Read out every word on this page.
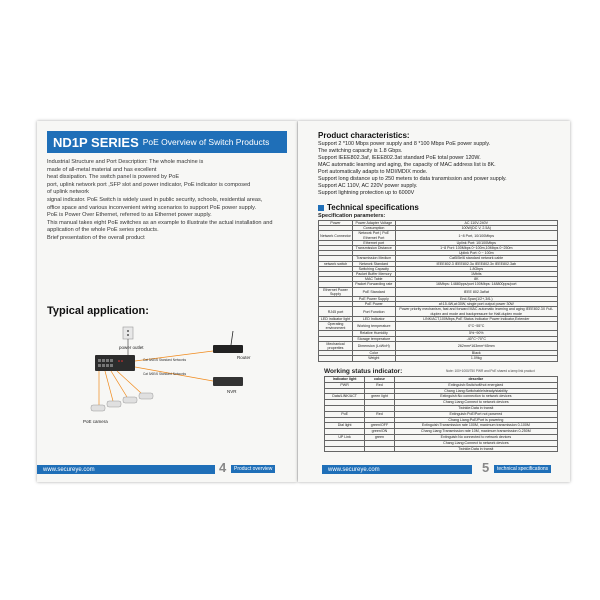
ND1P SERIES PoE Overview of Switch Products
Industrial Structure and Port Description: The whole machine is
made of all-metal material and has excellent
heat dissipation. The switch panel is powered by PoE
port, uplink network port ,SFP slot and power indicator, PoE indicator is composed
of uplink network
signal indicator. PoE Switch is widely used in public security, schools, residential areas,
office space and various inconvenient wiring scenarios to support PoE power supply.
PoE is Power Over Ethernet, referred to as Ethernet power supply.
This manual takes eight PoE switches as an example to illustrate the actual installation and
application of the whole PoE series products.
Brief presentation of the overall product
Typical application:
power outlet
Router
NVR
Cat 5/6E/6 Standard Networks
Cat 5/6E/6 Standard Networks
PoE camera
www.secureye.com	4	Product overview
Product characteristics:
Support 2 *100 Mbps power supply and 8 *100 Mbps PoE power supply.
The switching capacity is 1.8 Gbps.
Support IEEE802.3af, IEEE802.3at standard PoE total power 120W.
MAC automatic learning and aging, the capacity of MAC address list is 8K.
Port automatically adapts to MDI/MDIX mode.
Support long distance up to 250 meters to data transmission and power supply.
Support AC 110V, AC 220V power supply.
Support lightning protection up to 6000V
Technical specifications
Specification parameters:
Power	Power Adapter Voltage	AC 110V-240V
	Consumption	100W(DC V, 2.5A)
Network Connector	Network Port | PoE Ethernet Port	1~8 Port, 10/100Mbps
	Ethernet port	Uplink Port: 10/100Mbps
	Transmission Distance	1~8 Port: 100Mbps 0~100m,10Mbps 0~250m
		Uplink Port: 0 ~ 100m
	Transmission Medium	Cat5/5e/6 standard network cable
network switch	Network Standard	IEEE802.3 IEEE802.3u IEEE802.3x IEEE802.3ab
	Switching Capacity	1.8Gbps
	Packet Buffer Memory	1Mbits
	MAC Table	8K
	Packet Forwarding rate	16Mbps: 14880pps/port 100Mbps: 148800pps/port
Ethernet Power Supply	PoE Standard	IEEE 802.3af/at
	PoE Power Supply	End-Span(1/2+,3/6-)
	PoE Power	af:15.4W,at:30W, single port output power 30W
RJ45 port	Port Function	Power priority mechanism, fast and forward MAC automatic learning and aging IEEE802.3X Full-duplex and mode and backpressure for Half-duplex mode
LED indicator light	LED Indicator	LINK/ACT,100Mbps,PoE Status Indicator Power indicator,Extender
Operating environment	Working temperature	0°C~55°C
	Relative Humidity	5%~90%
	Storage temperature	-40°C~70°C
Mechanical properties	Dimension (LxWxH)	262mm*163mm*45mm
	Color	Black
	Weight	1.09kg
Working status indicator:	Note: 100+1000/750 PWR and PoE shared a lamp link product
Indicator light	colour	describe
PWR	Red	Extinguish:Switchoff/not energized
		Chang Liang:Switchable/steady/stability
Data/LINK/ACT	green light	Extinguish:No connection to network devices
		Chang Liang:Connect to network devices
		Twinkle:Data in transit
PoE	Red	Extinguish:PoE/Port not powered
		Chang Liang:PoE/Port is powering
Dial light	green/OFF	Extinguish:Transmission rate 100M, maximum transmission 0-100M
	green/ON	Chang Liang:Transmission rate 10M, maximum transmission 0-250M
UP Link	green	Extinguish:No connected to network devices
		Chang Liang:Connect to network devices
		Twinkle:Data in transit
www.secureye.com	5	technical specifications
